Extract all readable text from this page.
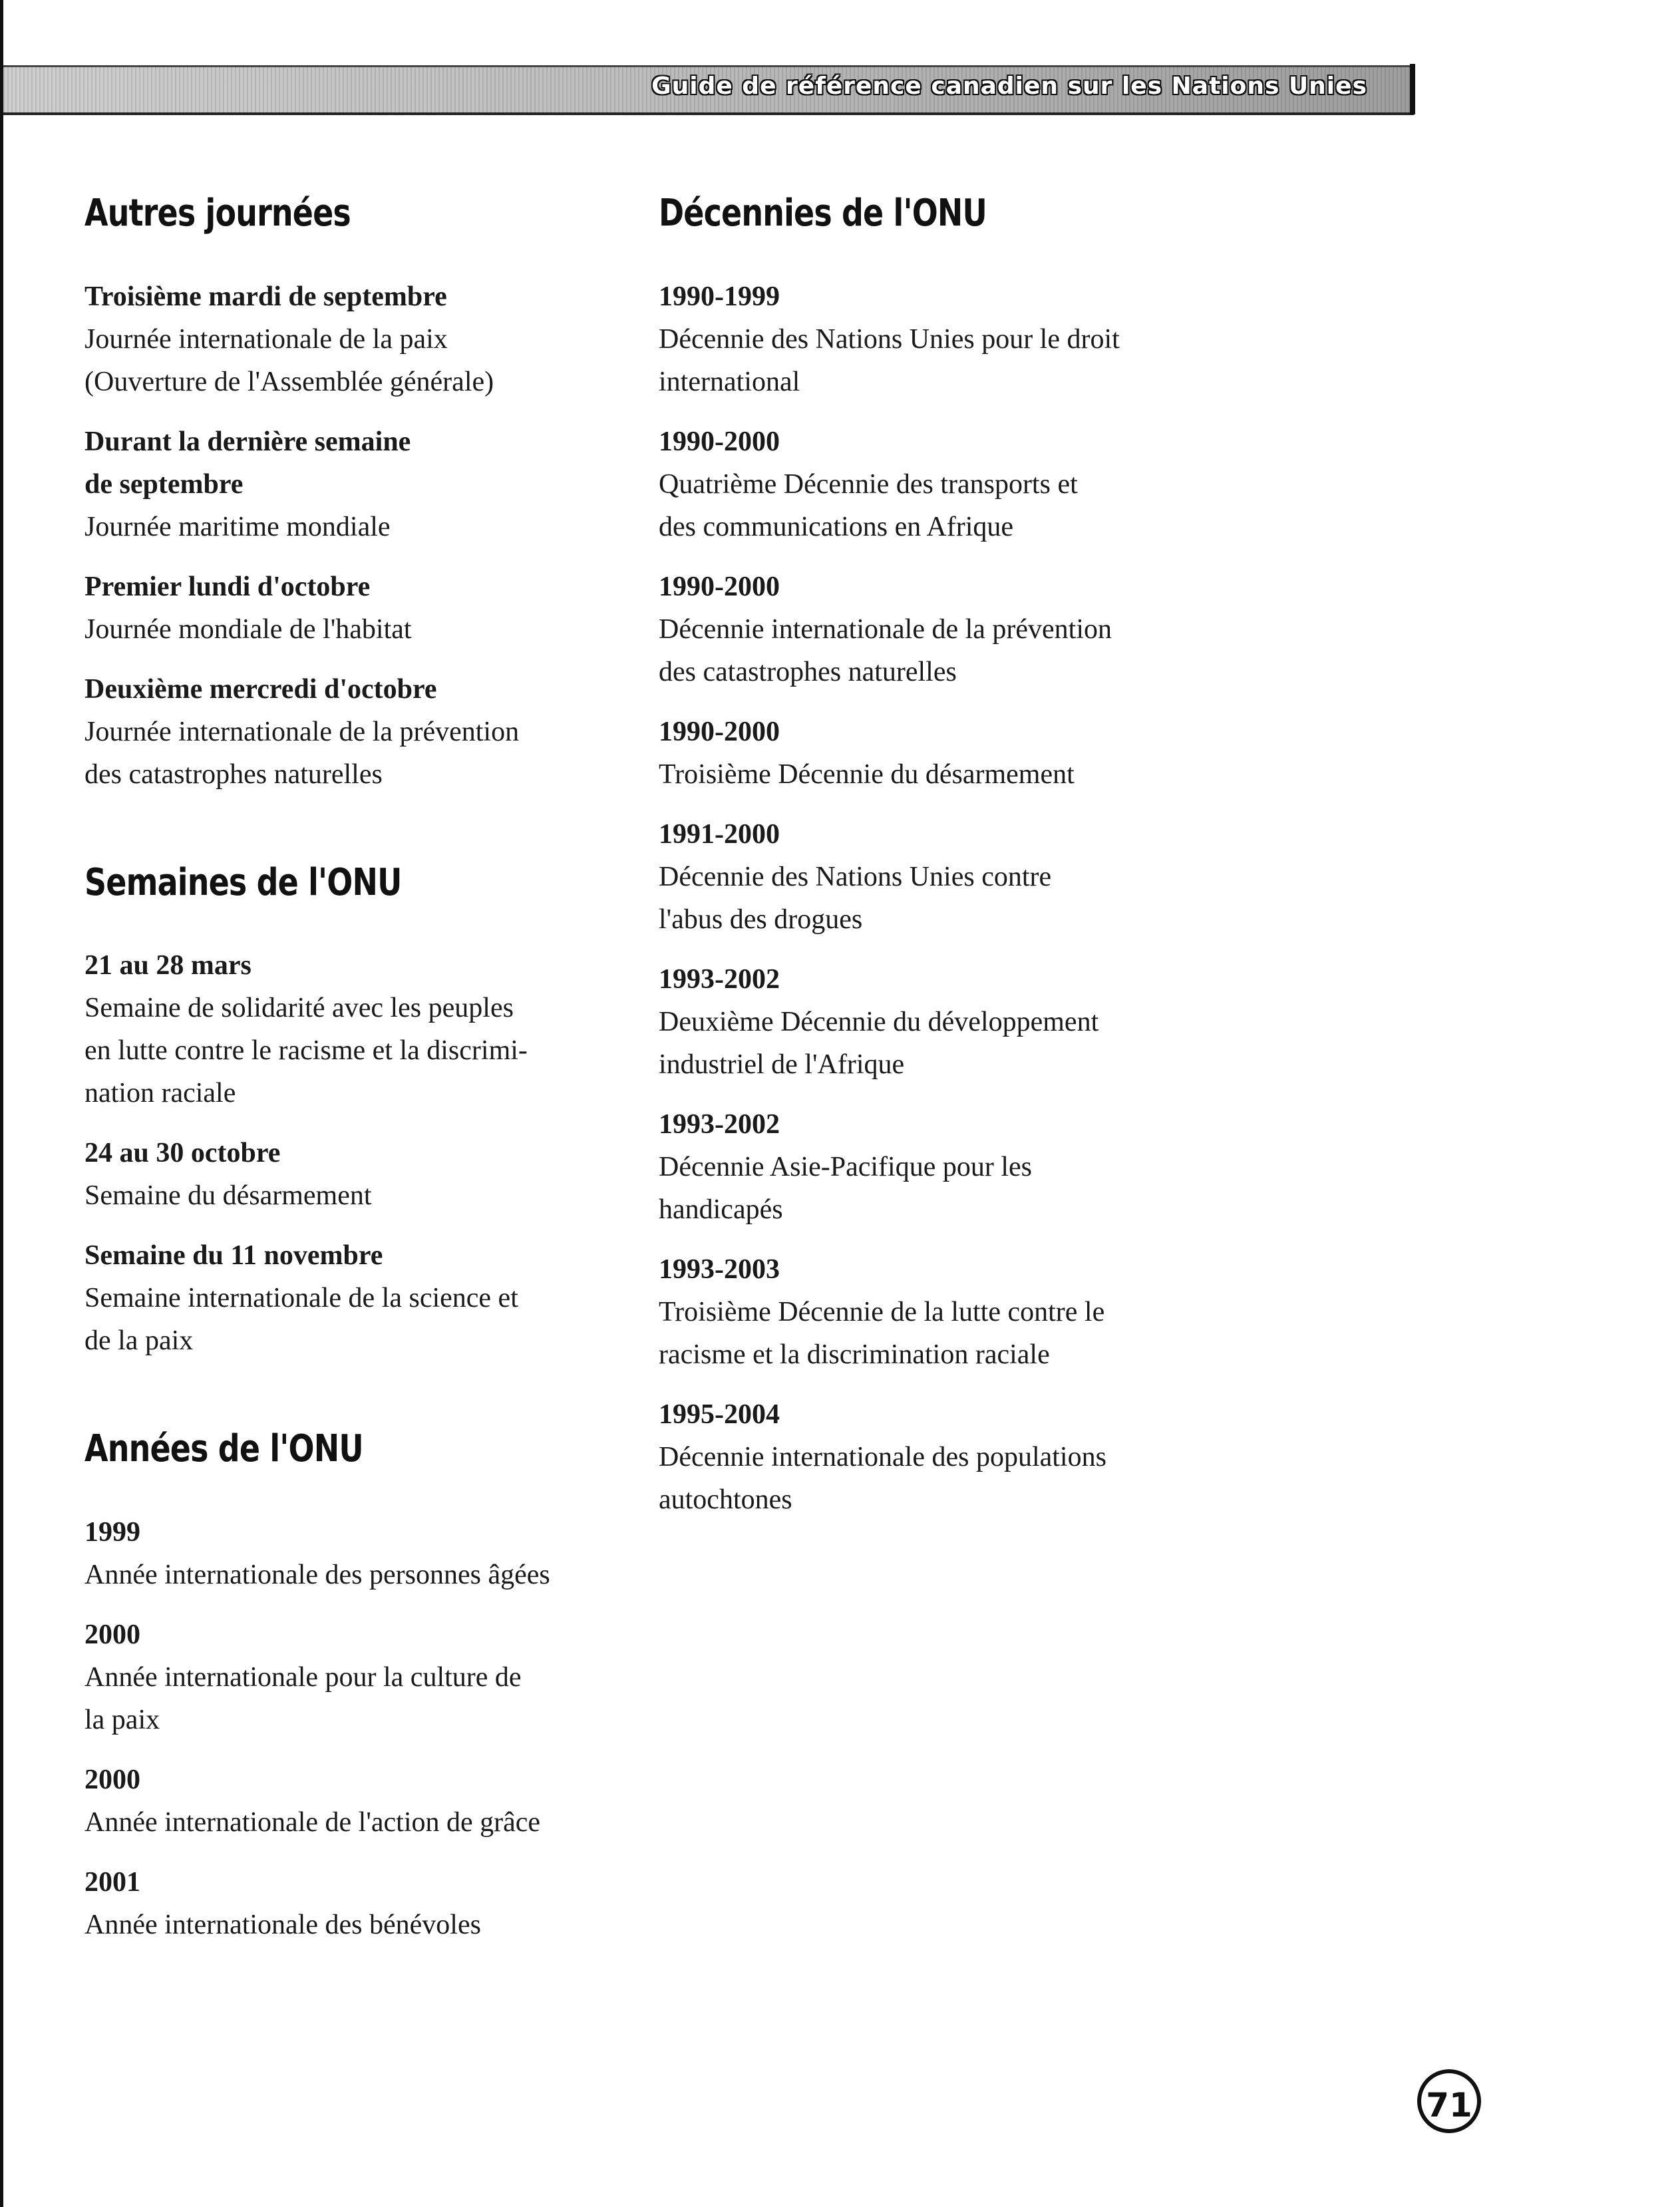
Guide de référence canadien sur les Nations Unies
Autres journées

Troisième mardi de septembre

Journée internationale de la paix
(Ouverture de l'Assemblée générale)

Durant la dernière semaine
de septembre

Journée maritime mondiale

Premier lundi d'octobre

Journée mondiale de l'habitat

Deuxième mercredi d'octobre

Journée internationale de la prévention
des catastrophes naturelles

Semaines de l'ONU

21 au 28 mars

Semaine de solidarité avec les peuples
en lutte contre le racisme et la discrimi-
nation raciale

24 au 30 octobre

Semaine du désarmement

Semaine du 11 novembre

Semaine internationale de la science et
de la paix

Années de l'ONU

1999

Année internationale des personnes âgées

2000

Année internationale pour la culture de
la paix

2000

Année internationale de l'action de grâce

2001

Année internationale des bénévoles

Décennies de l'ONU

1990-1999

Décennie des Nations Unies pour le droit
international

1990-2000

Quatrième Décennie des transports et
des communications en Afrique

1990-2000

Décennie internationale de la prévention
des catastrophes naturelles

1990-2000

Troisième Décennie du désarmement

1991-2000

Décennie des Nations Unies contre
l'abus des drogues

1993-2002

Deuxième Décennie du développement
industriel de l'Afrique

1993-2002

Décennie Asie-Pacifique pour les
handicapés

1993-2003

Troisième Décennie de la lutte contre le
racisme et la discrimination raciale

1995-2004

Décennie internationale des populations
autochtones

71
